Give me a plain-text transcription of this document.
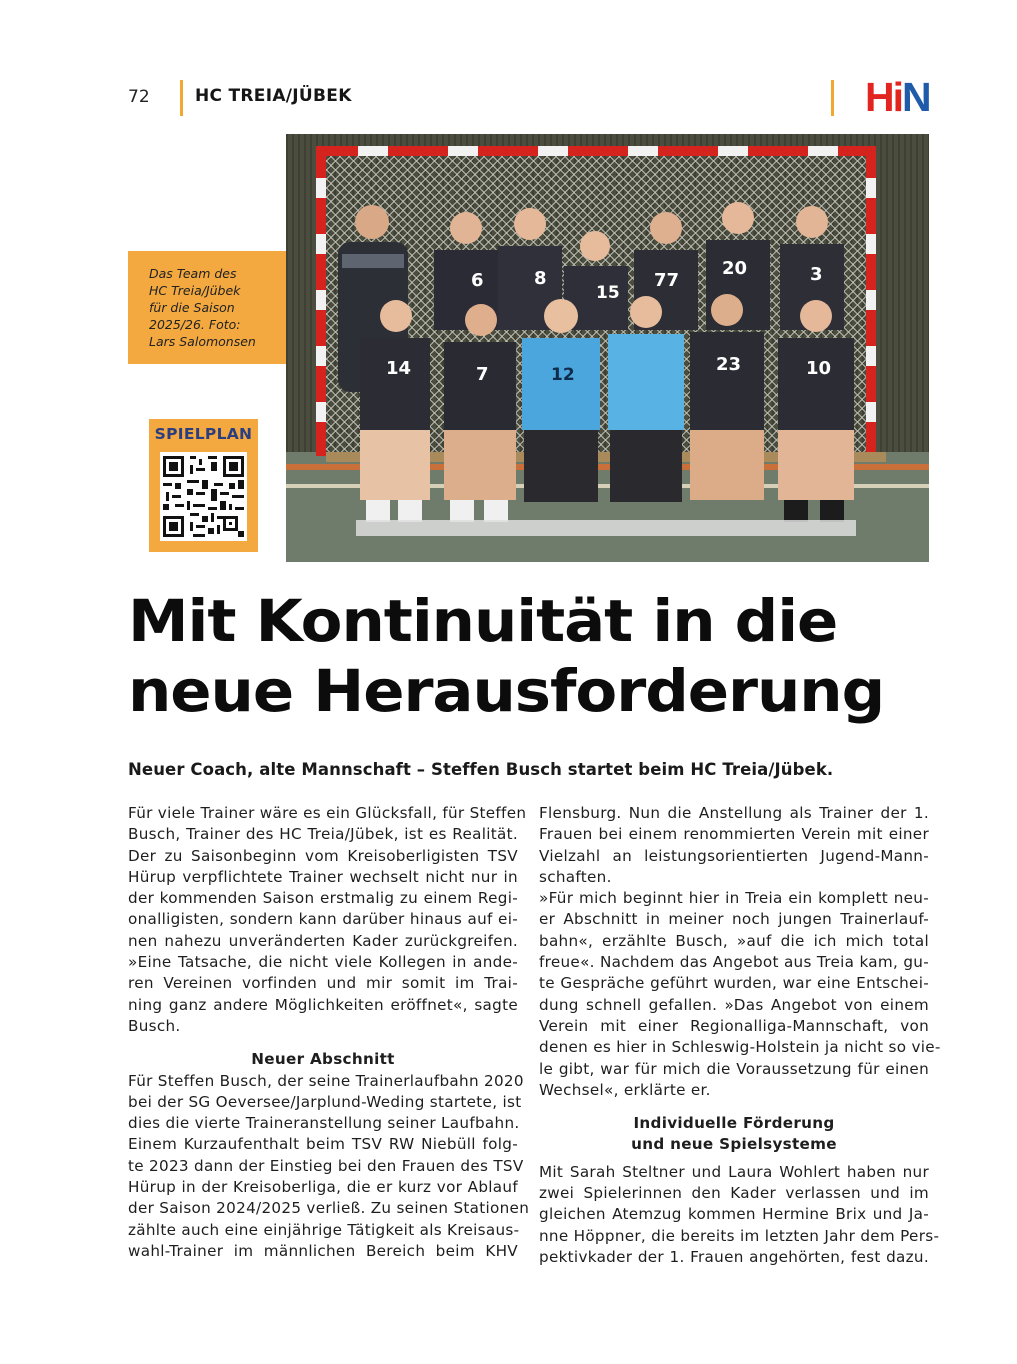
72	HC TREIA/JÜBEK	HiN
6	8
15
77
20	3
14	7	12	23	10
Das Team des
HC Treia/Jübek
für die Saison
2025/26. Foto:
Lars Salomonsen
SPIELPLAN
Mit Kontinuität in die
neue Herausforderung
Neuer Coach, alte Mannschaft – Steffen Busch startet beim HC Treia/Jübek.
Für viele Trainer wäre es ein Glücksfall, für Steffen
Busch, Trainer des HC Treia/Jübek, ist es Realität.
Der zu Saisonbeginn vom Kreisoberligisten TSV
Hürup verpflichtete Trainer wechselt nicht nur in
der kommenden Saison erstmalig zu einem Regi-
onalligisten, sondern kann darüber hinaus auf ei-
nen nahezu unveränderten Kader zurückgreifen.
»Eine Tatsache, die nicht viele Kollegen in ande-
ren Vereinen vorfinden und mir somit im Trai-
ning ganz andere Möglichkeiten eröffnet«, sagte
Busch.
Neuer Abschnitt
Für Steffen Busch, der seine Trainerlaufbahn 2020
bei der SG Oeversee/Jarplund-Weding startete, ist
dies die vierte Traineranstellung seiner Laufbahn.
Einem Kurzaufenthalt beim TSV RW Niebüll folg-
te 2023 dann der Einstieg bei den Frauen des TSV
Hürup in der Kreisoberliga, die er kurz vor Ablauf
der Saison 2024/2025 verließ. Zu seinen Stationen
zählte auch eine einjährige Tätigkeit als Kreisaus-
wahl-Trainer im männlichen Bereich beim KHV
Flensburg. Nun die Anstellung als Trainer der 1.
Frauen bei einem renommierten Verein mit einer
Vielzahl an leistungsorientierten Jugend-Mann-
schaften.
»Für mich beginnt hier in Treia ein komplett neu-
er Abschnitt in meiner noch jungen Trainerlauf-
bahn«, erzählte Busch, »auf die ich mich total
freue«. Nachdem das Angebot aus Treia kam, gu-
te Gespräche geführt wurden, war eine Entschei-
dung schnell gefallen. »Das Angebot von einem
Verein mit einer Regionalliga-Mannschaft, von
denen es hier in Schleswig-Holstein ja nicht so vie-
le gibt, war für mich die Voraussetzung für einen
Wechsel«, erklärte er.
Individuelle Förderung
und neue Spielsysteme
Mit Sarah Steltner und Laura Wohlert haben nur
zwei Spielerinnen den Kader verlassen und im
gleichen Atemzug kommen Hermine Brix und Ja-
nne Höppner, die bereits im letzten Jahr dem Pers-
pektivkader der 1. Frauen angehörten, fest dazu.
